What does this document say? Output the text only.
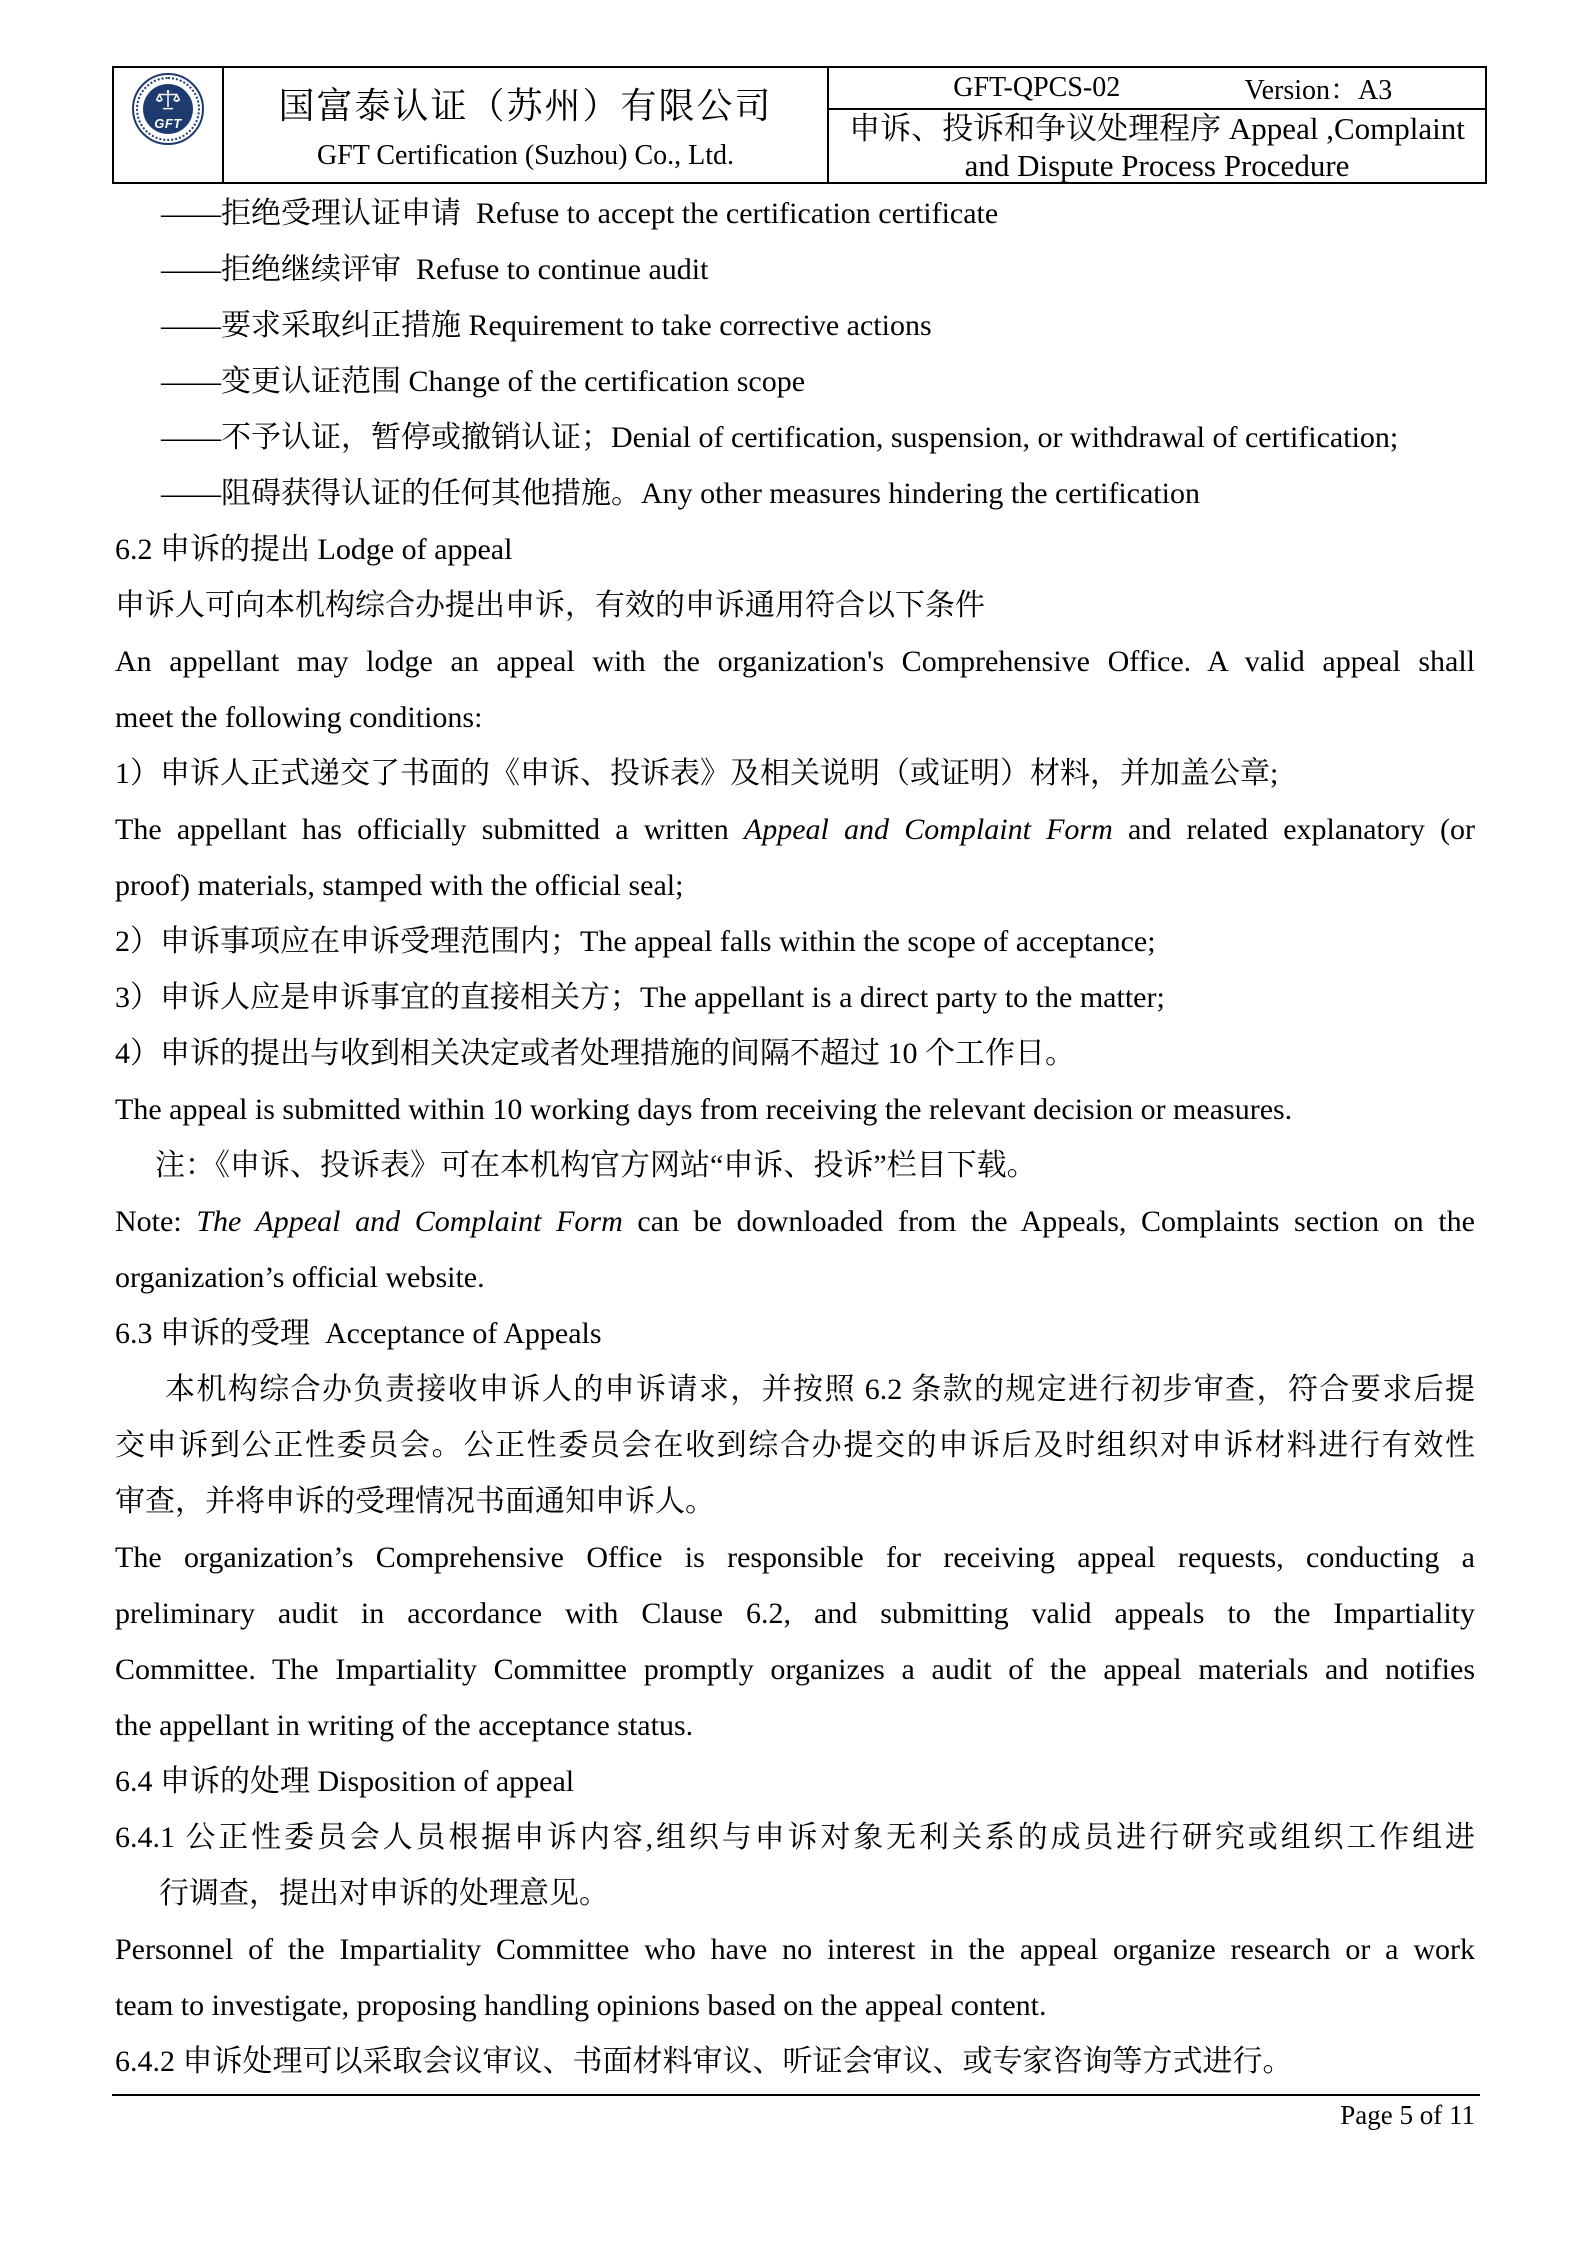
GFT	国富泰认证（苏州）有限公司
GFT Certification (Suzhou) Co., Ltd.
GFT-QPCS-02	Version：A3
申诉、投诉和争议处理程序 Appeal ,Complaint
and Dispute Process Procedure
——拒绝受理认证申请  Refuse to accept the certification certificate
——拒绝继续评审  Refuse to continue audit
——要求采取纠正措施 Requirement to take corrective actions
——变更认证范围 Change of the certification scope
——不予认证，暂停或撤销认证；Denial of certification, suspension, or withdrawal of certification;
——阻碍获得认证的任何其他措施。Any other measures hindering the certification
6.2 申诉的提出 Lodge of appeal
申诉人可向本机构综合办提出申诉，有效的申诉通用符合以下条件
An appellant may lodge an appeal with the organization's Comprehensive Office. A valid appeal shall
meet the following conditions:
1）申诉人正式递交了书面的《申诉、投诉表》及相关说明（或证明）材料，并加盖公章;
The appellant has officially submitted a written Appeal and Complaint Form and related explanatory (or
proof) materials, stamped with the official seal;
2）申诉事项应在申诉受理范围内；The appeal falls within the scope of acceptance;
3）申诉人应是申诉事宜的直接相关方；The appellant is a direct party to the matter;
4）申诉的提出与收到相关决定或者处理措施的间隔不超过 10 个工作日。
The appeal is submitted within 10 working days from receiving the relevant decision or measures.
注：《申诉、投诉表》可在本机构官方网站“申诉、投诉”栏目下载。
Note: The Appeal and Complaint Form can be downloaded from the Appeals, Complaints section on the
organization’s official website.
6.3 申诉的受理  Acceptance of Appeals
本机构综合办负责接收申诉人的申诉请求，并按照 6.2 条款的规定进行初步审查，符合要求后提
交申诉到公正性委员会。公正性委员会在收到综合办提交的申诉后及时组织对申诉材料进行有效性
审查，并将申诉的受理情况书面通知申诉人。
The organization’s Comprehensive Office is responsible for receiving appeal requests, conducting a
preliminary audit in accordance with Clause 6.2, and submitting valid appeals to the Impartiality
Committee. The Impartiality Committee promptly organizes a audit of the appeal materials and notifies
the appellant in writing of the acceptance status.
6.4 申诉的处理 Disposition of appeal
6.4.1 公正性委员会人员根据申诉内容,组织与申诉对象无利关系的成员进行研究或组织工作组进
行调查，提出对申诉的处理意见。
Personnel of the Impartiality Committee who have no interest in the appeal organize research or a work
team to investigate, proposing handling opinions based on the appeal content.
6.4.2 申诉处理可以采取会议审议、书面材料审议、听证会审议、或专家咨询等方式进行。
Page 5 of 11
